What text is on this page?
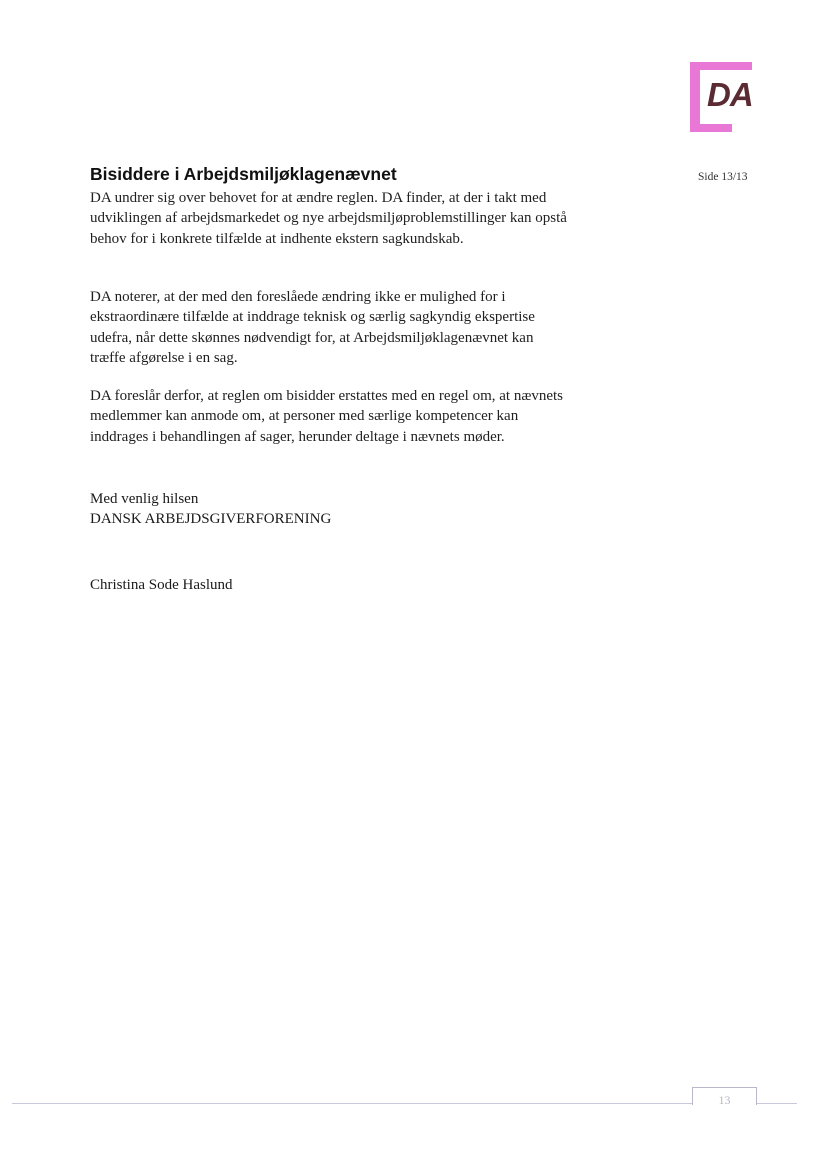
DA
Side 13/13
Bisiddere i Arbejdsmiljøklagenævnet

DA undrer sig over behovet for at ændre reglen. DA finder, at der i takt med udviklingen af arbejdsmarkedet og nye arbejdsmiljøproblemstillinger kan opstå behov for i konkrete tilfælde at indhente ekstern sagkundskab.

DA noterer, at der med den foreslåede ændring ikke er mulighed for i ekstraordinære tilfælde at inddrage teknisk og særlig sagkyndig ekspertise udefra, når dette skønnes nødvendigt for, at Arbejdsmiljøklagenævnet kan træffe afgørelse i en sag.

DA foreslår derfor, at reglen om bisidder erstattes med en regel om, at nævnets medlemmer kan anmode om, at personer med særlige kompetencer kan inddrages i behandlingen af sager, herunder deltage i nævnets møder.

Med venlig hilsen
DANSK ARBEJDSGIVERFORENING

Christina Sode Haslund

13
